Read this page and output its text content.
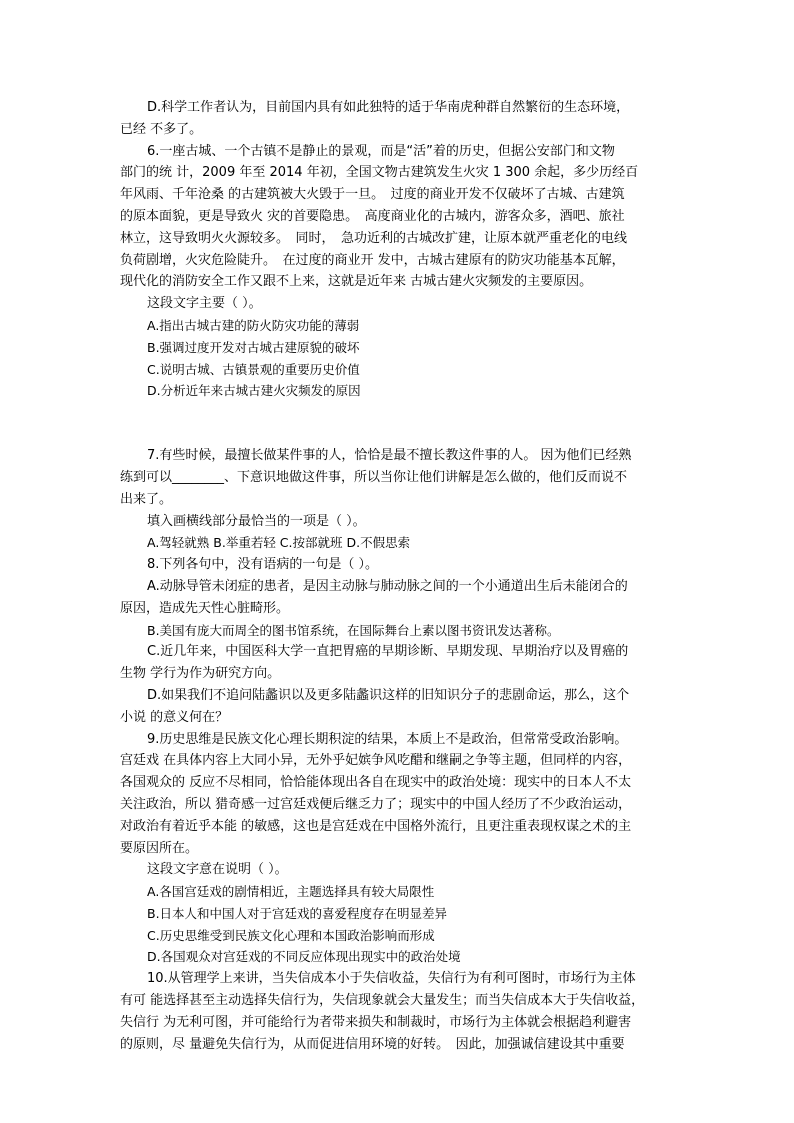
D.科学工作者认为，目前国内具有如此独特的适于华南虎种群自然繁衍的生态环境，
已经 不多了。
6.一座古城、一个古镇不是静止的景观，而是“活”着的历史，但据公安部门和文物
部门的统 计，2009 年至 2014 年初，全国文物古建筑发生火灾 1 300 余起，多少历经百
年风雨、千年沧桑 的古建筑被大火毁于一旦。　过度的商业开发不仅破坏了古城、古建筑
的原本面貌，更是导致火 灾的首要隐患。　高度商业化的古城内，游客众多，酒吧、旅社
林立，这导致明火火源较多。　同时，　急功近利的古城改扩建，让原本就严重老化的电线
负荷剧增，火灾危险陡升。　在过度的商业开 发中，古城古建原有的防灾功能基本瓦解，
现代化的消防安全工作又跟不上来，这就是近年来 古城古建火灾频发的主要原因。
这段文字主要（ ）。
A.指出古城古建的防火防灾功能的薄弱
B.强调过度开发对古城古建原貌的破坏
C.说明古城、古镇景观的重要历史价值
D.分析近年来古城古建火灾频发的原因
7.有些时候，最擅长做某件事的人，恰恰是最不擅长教这件事的人。 因为他们已经熟
练到可以________、下意识地做这件事，所以当你让他们讲解是怎么做的，他们反而说不
出来了。
填入画横线部分最恰当的一项是（ ）。
A.驾轻就熟 B.举重若轻 C.按部就班 D.不假思索
8.下列各句中，没有语病的一句是（ ）。
A.动脉导管未闭症的患者，是因主动脉与肺动脉之间的一个小通道出生后未能闭合的
原因，造成先天性心脏畸形。
B.美国有庞大而周全的图书馆系统，在国际舞台上素以图书资讯发达著称。
C.近几年来，中国医科大学一直把胃癌的早期诊断、早期发现、早期治疗以及胃癌的
生物 学行为作为研究方向。
D.如果我们不追问陆蠡识以及更多陆蠡识这样的旧知识分子的悲剧命运，那么，这个
小说 的意义何在？
9.历史思维是民族文化心理长期积淀的结果，本质上不是政治，但常常受政治影响。
宫廷戏 在具体内容上大同小异，无外乎妃嫔争风吃醋和继嗣之争等主题，但同样的内容，
各国观众的 反应不尽相同，恰恰能体现出各自在现实中的政治处境：现实中的日本人不太
关注政治，所以 猎奇感一过宫廷戏便后继乏力了；现实中的中国人经历了不少政治运动，
对政治有着近乎本能 的敏感，这也是宫廷戏在中国格外流行，且更注重表现权谋之术的主
要原因所在。
这段文字意在说明（ ）。
A.各国宫廷戏的剧情相近，主题选择具有较大局限性
B.日本人和中国人对于宫廷戏的喜爱程度存在明显差异
C.历史思维受到民族文化心理和本国政治影响而形成
D.各国观众对宫廷戏的不同反应体现出现实中的政治处境
10.从管理学上来讲，当失信成本小于失信收益，失信行为有利可图时，市场行为主体
有可 能选择甚至主动选择失信行为，失信现象就会大量发生；而当失信成本大于失信收益，
失信行 为无利可图，并可能给行为者带来损失和制裁时，市场行为主体就会根据趋利避害
的原则，尽 量避免失信行为，从而促进信用环境的好转。　因此，加强诚信建设其中重要
